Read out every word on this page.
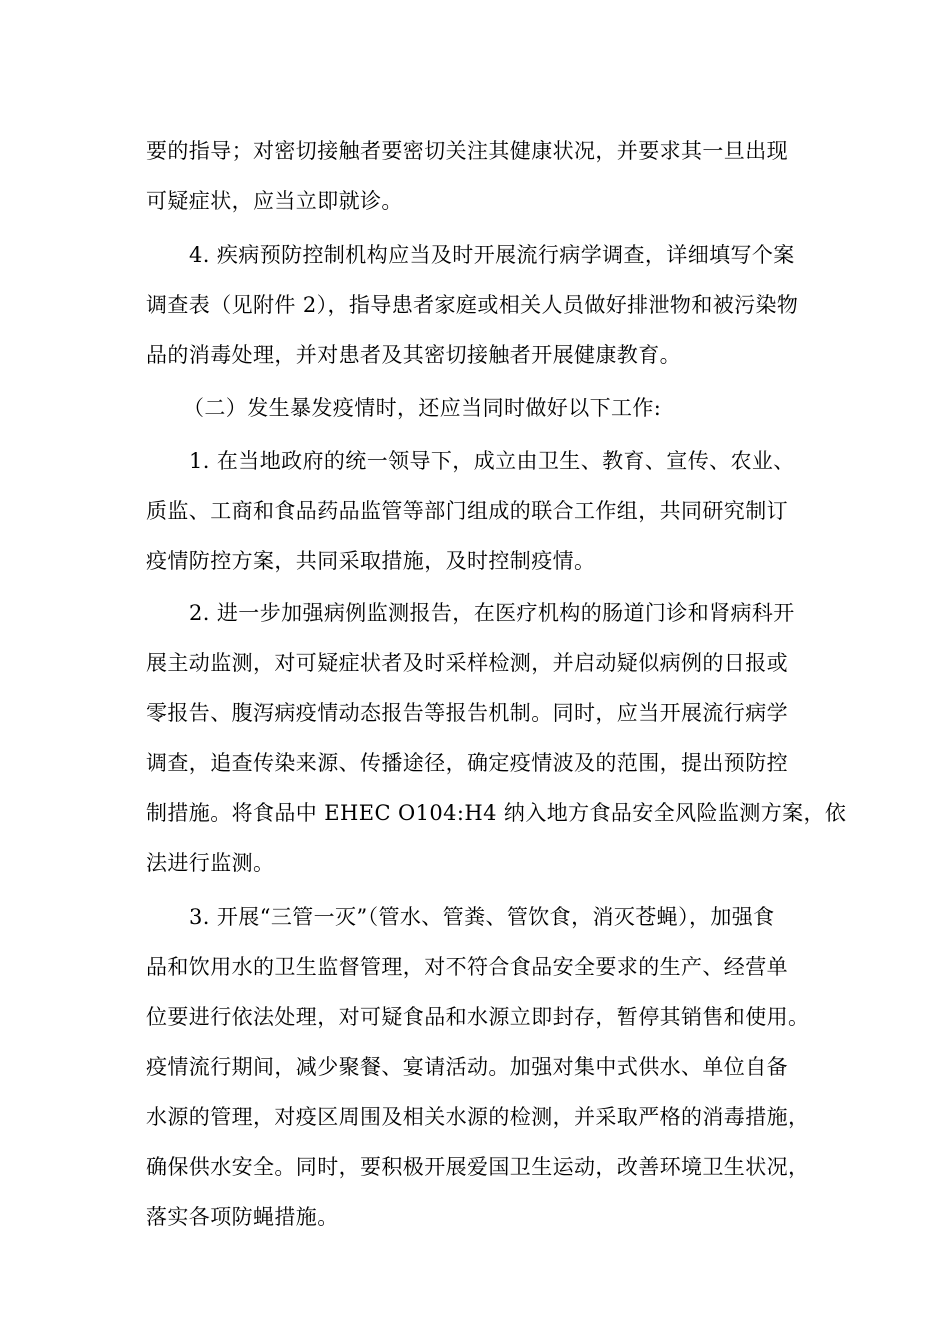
要的指导；对密切接触者要密切关注其健康状况，并要求其一旦出现
可疑症状，应当立即就诊。
4. 疾病预防控制机构应当及时开展流行病学调查，详细填写个案
调查表（见附件 2），指导患者家庭或相关人员做好排泄物和被污染物
品的消毒处理，并对患者及其密切接触者开展健康教育。
（二）发生暴发疫情时，还应当同时做好以下工作:
1. 在当地政府的统一领导下，成立由卫生、教育、宣传、农业、
质监、工商和食品药品监管等部门组成的联合工作组，共同研究制订
疫情防控方案，共同采取措施，及时控制疫情。
2. 进一步加强病例监测报告，在医疗机构的肠道门诊和肾病科开
展主动监测，对可疑症状者及时采样检测，并启动疑似病例的日报或
零报告、腹泻病疫情动态报告等报告机制。同时，应当开展流行病学
调查，追查传染来源、传播途径，确定疫情波及的范围，提出预防控
制措施。将食品中 EHEC O104:H4 纳入地方食品安全风险监测方案，依
法进行监测。
3. 开展“三管一灭”（管水、管粪、管饮食，消灭苍蝇），加强食
品和饮用水的卫生监督管理，对不符合食品安全要求的生产、经营单
位要进行依法处理，对可疑食品和水源立即封存，暂停其销售和使用。
疫情流行期间，减少聚餐、宴请活动。加强对集中式供水、单位自备
水源的管理，对疫区周围及相关水源的检测，并采取严格的消毒措施，
确保供水安全。同时，要积极开展爱国卫生运动，改善环境卫生状况，
落实各项防蝇措施。
